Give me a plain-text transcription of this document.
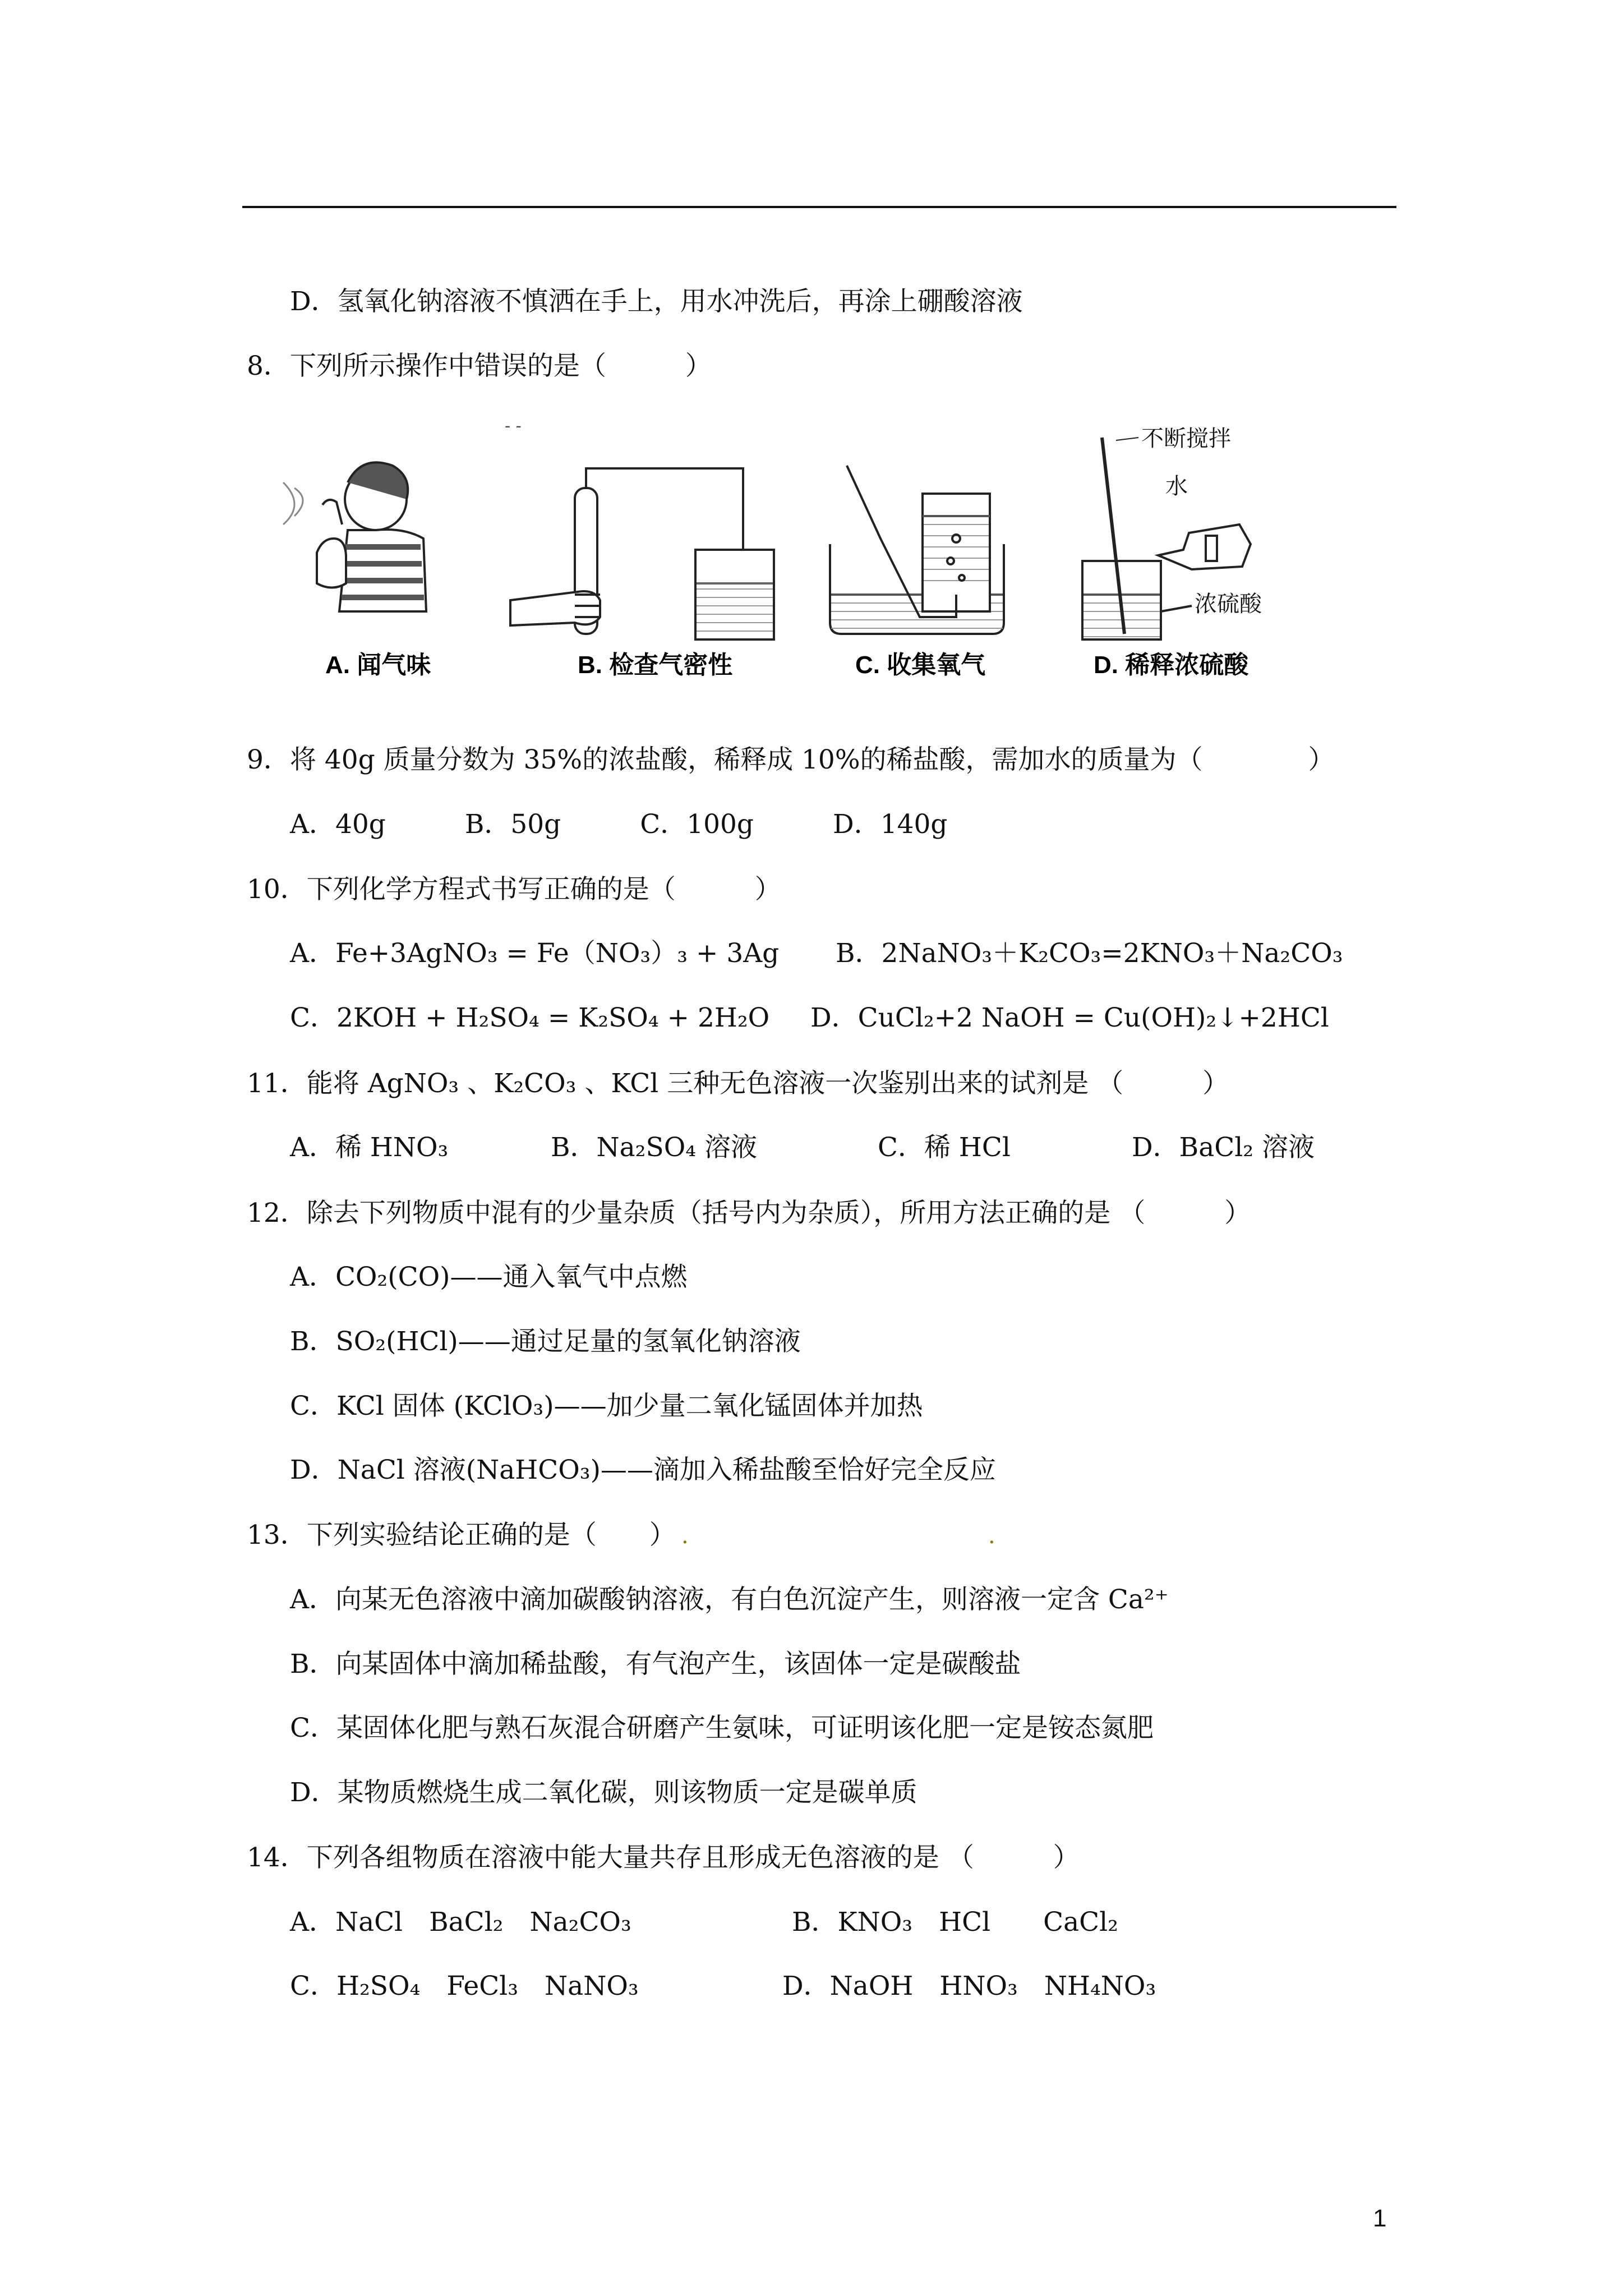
D．氢氧化钠溶液不慎洒在手上，用水冲洗后，再涂上硼酸溶液
8．下列所示操作中错误的是（　　　）
- -
A. 闻气味	B. 检查气密性	C. 收集氧气
不断搅拌
水
浓硫酸
D. 稀释浓硫酸
9．将 40g 质量分数为 35%的浓盐酸，稀释成 10%的稀盐酸，需加水的质量为（　　　　）
A．40g　　　B．50g　　　C．100g　　　D．140g
10．下列化学方程式书写正确的是（　　　）
A．Fe+3AgNO₃ = Fe（NO₃）₃ + 3Ag B．2NaNO₃＋K₂CO₃=2KNO₃＋Na₂CO₃
C．2KOH + H₂SO₄ = K₂SO₄ + 2H₂O D．CuCl₂+2 NaOH = Cu(OH)₂↓+2HCl
11．能将 AgNO₃ 、K₂CO₃ 、KCl 三种无色溶液一次鉴别出来的试剂是 （　　　）
A．稀 HNO₃	B．Na₂SO₄ 溶液	C．稀 HCl	D．BaCl₂ 溶液
12．除去下列物质中混有的少量杂质（括号内为杂质），所用方法正确的是 （　　　）
A．CO₂(CO)——通入氧气中点燃
B．SO₂(HCl)——通过足量的氢氧化钠溶液
C．KCl 固体 (KClO₃)——加少量二氧化锰固体并加热
D．NaCl 溶液(NaHCO₃)——滴加入稀盐酸至恰好完全反应
13．下列实验结论正确的是（　　） .	.
A．向某无色溶液中滴加碳酸钠溶液，有白色沉淀产生，则溶液一定含 Ca²⁺
B．向某固体中滴加稀盐酸，有气泡产生，该固体一定是碳酸盐
C．某固体化肥与熟石灰混合研磨产生氨味，可证明该化肥一定是铵态氮肥
D．某物质燃烧生成二氧化碳，则该物质一定是碳单质
14．下列各组物质在溶液中能大量共存且形成无色溶液的是 （　　　）
A．NaCl　BaCl₂　Na₂CO₃	B．KNO₃　HCl　　CaCl₂
C．H₂SO₄　FeCl₃　NaNO₃	D．NaOH　HNO₃　NH₄NO₃
1
